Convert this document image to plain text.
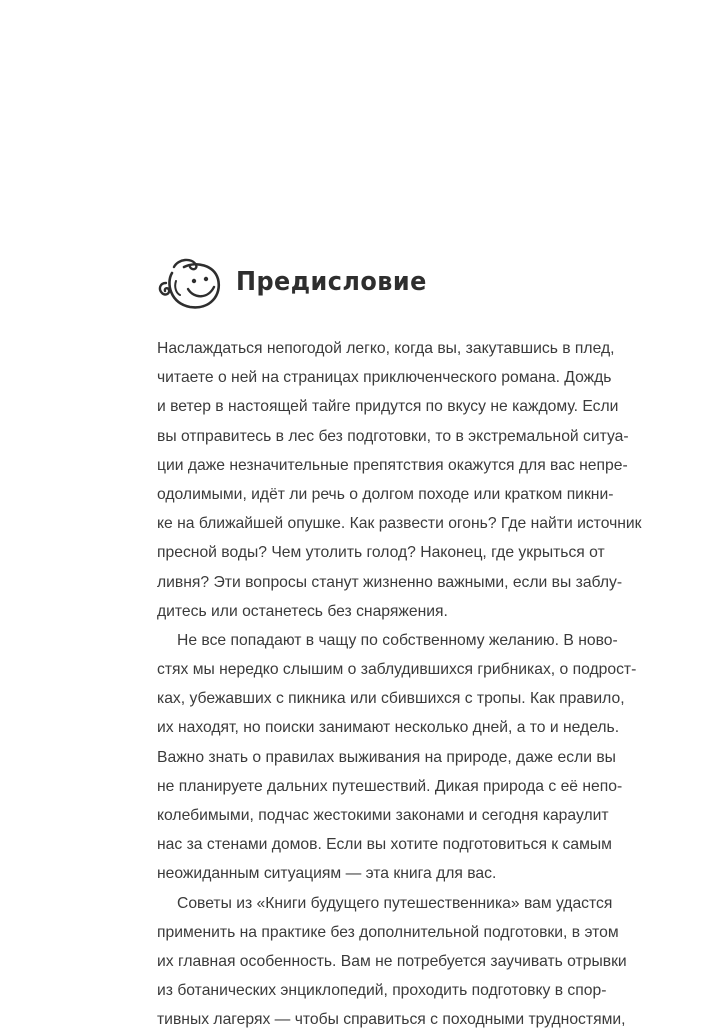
Предисловие
Наслаждаться непогодой легко, когда вы, закутавшись в плед,
читаете о ней на страницах приключенческого романа. Дождь
и ветер в настоящей тайге придутся по вкусу не каждому. Если
вы отправитесь в лес без подготовки, то в экстремальной ситуа-
ции даже незначительные препятствия окажутся для вас непре-
одолимыми, идёт ли речь о долгом походе или кратком пикни-
ке на ближайшей опушке. Как развести огонь? Где найти источник
пресной воды? Чем утолить голод? Наконец, где укрыться от
ливня? Эти вопросы станут жизненно важными, если вы заблу-
дитесь или останетесь без снаряжения.
Не все попадают в чащу по собственному желанию. В ново-
стях мы нередко слышим о заблудившихся грибниках, о подрост-
ках, убежавших с пикника или сбившихся с тропы. Как правило,
их находят, но поиски занимают несколько дней, а то и недель.
Важно знать о правилах выживания на природе, даже если вы
не планируете дальних путешествий. Дикая природа с её непо-
колебимыми, подчас жестокими законами и сегодня караулит
нас за стенами домов. Если вы хотите подготовиться к самым
неожиданным ситуациям — эта книга для вас.
Советы из «Книги будущего путешественника» вам удастся
применить на практике без дополнительной подготовки, в этом
их главная особенность. Вам не потребуется заучивать отрывки
из ботанических энциклопедий, проходить подготовку в спор-
тивных лагерях — чтобы справиться с походными трудностями,
